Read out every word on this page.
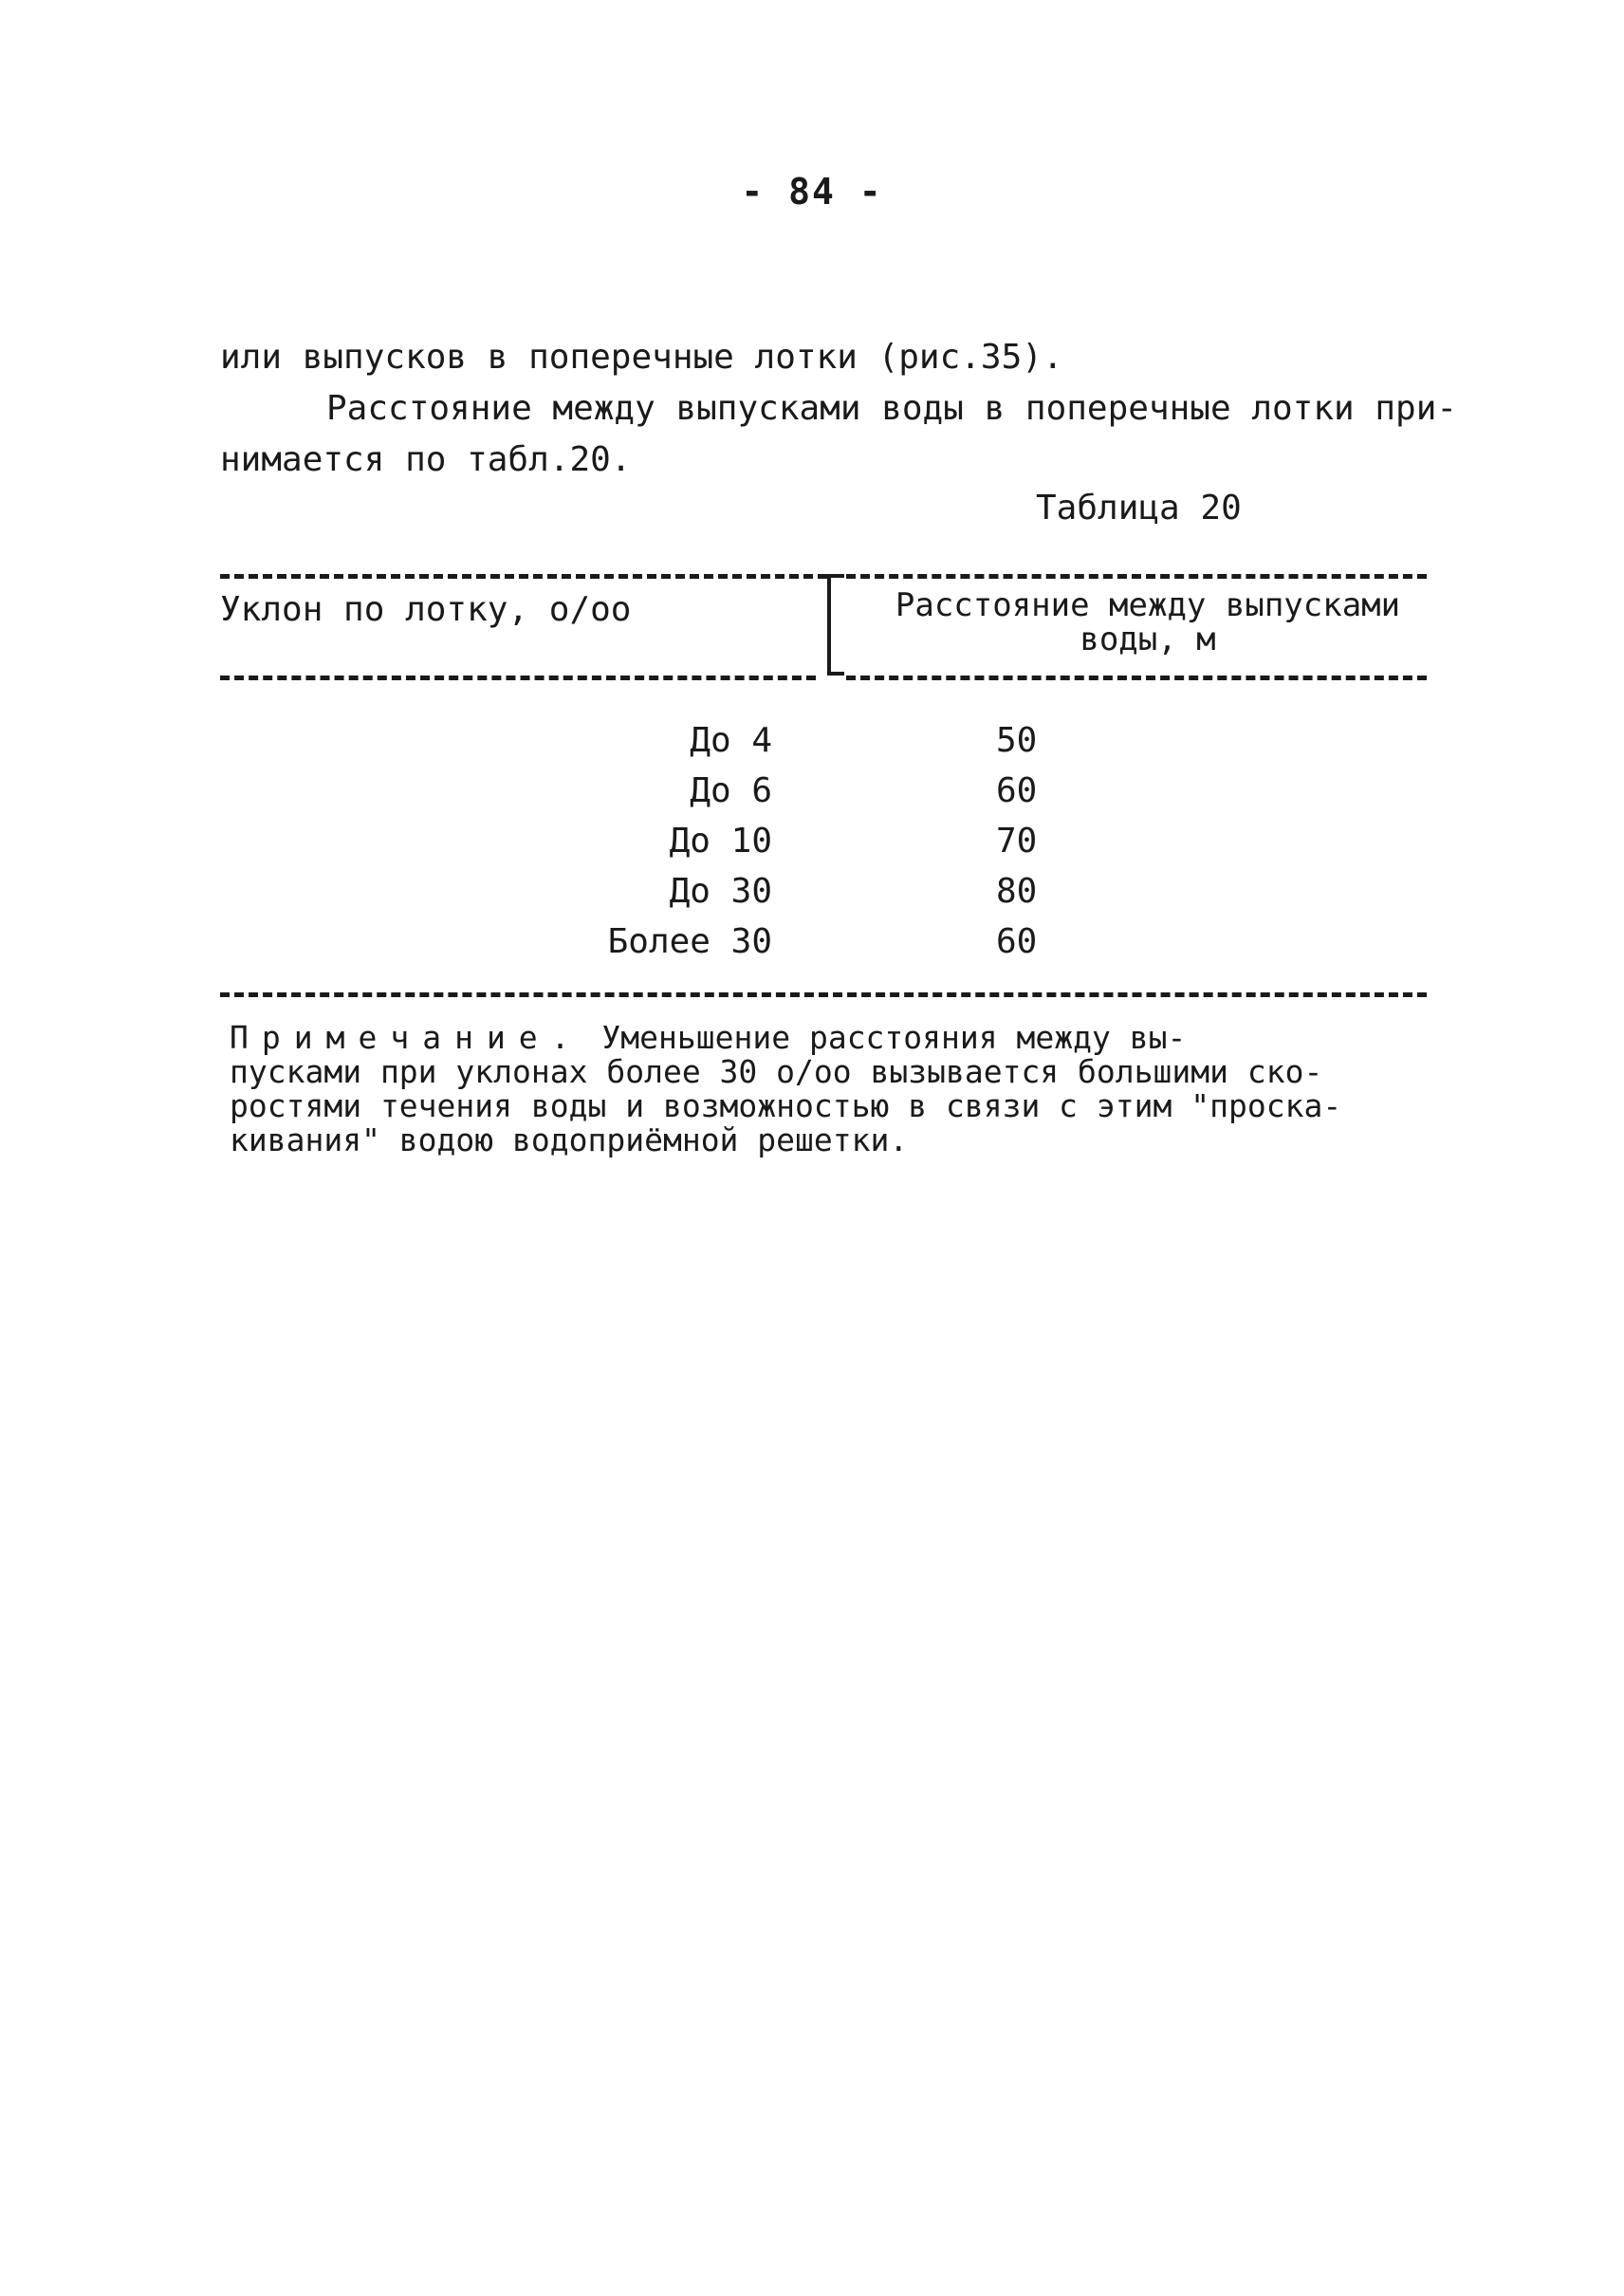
- 84 -
или выпусков в поперечные лотки (рис.35).
Расстояние между выпусками воды в поперечные лотки при-
нимается по табл.20.
Таблица 20
Уклон по лотку, о/оо	Расстояние между выпусками
воды, м
До 4	50
До 6	60
До 10	70
До 30	80
Более 30	60
Примечание. Уменьшение расстояния между вы-
пусками при уклонах более 30 о/оо вызывается большими ско-
ростями течения воды и возможностью в связи с этим "проска-
кивания" водою водоприёмной решетки.
